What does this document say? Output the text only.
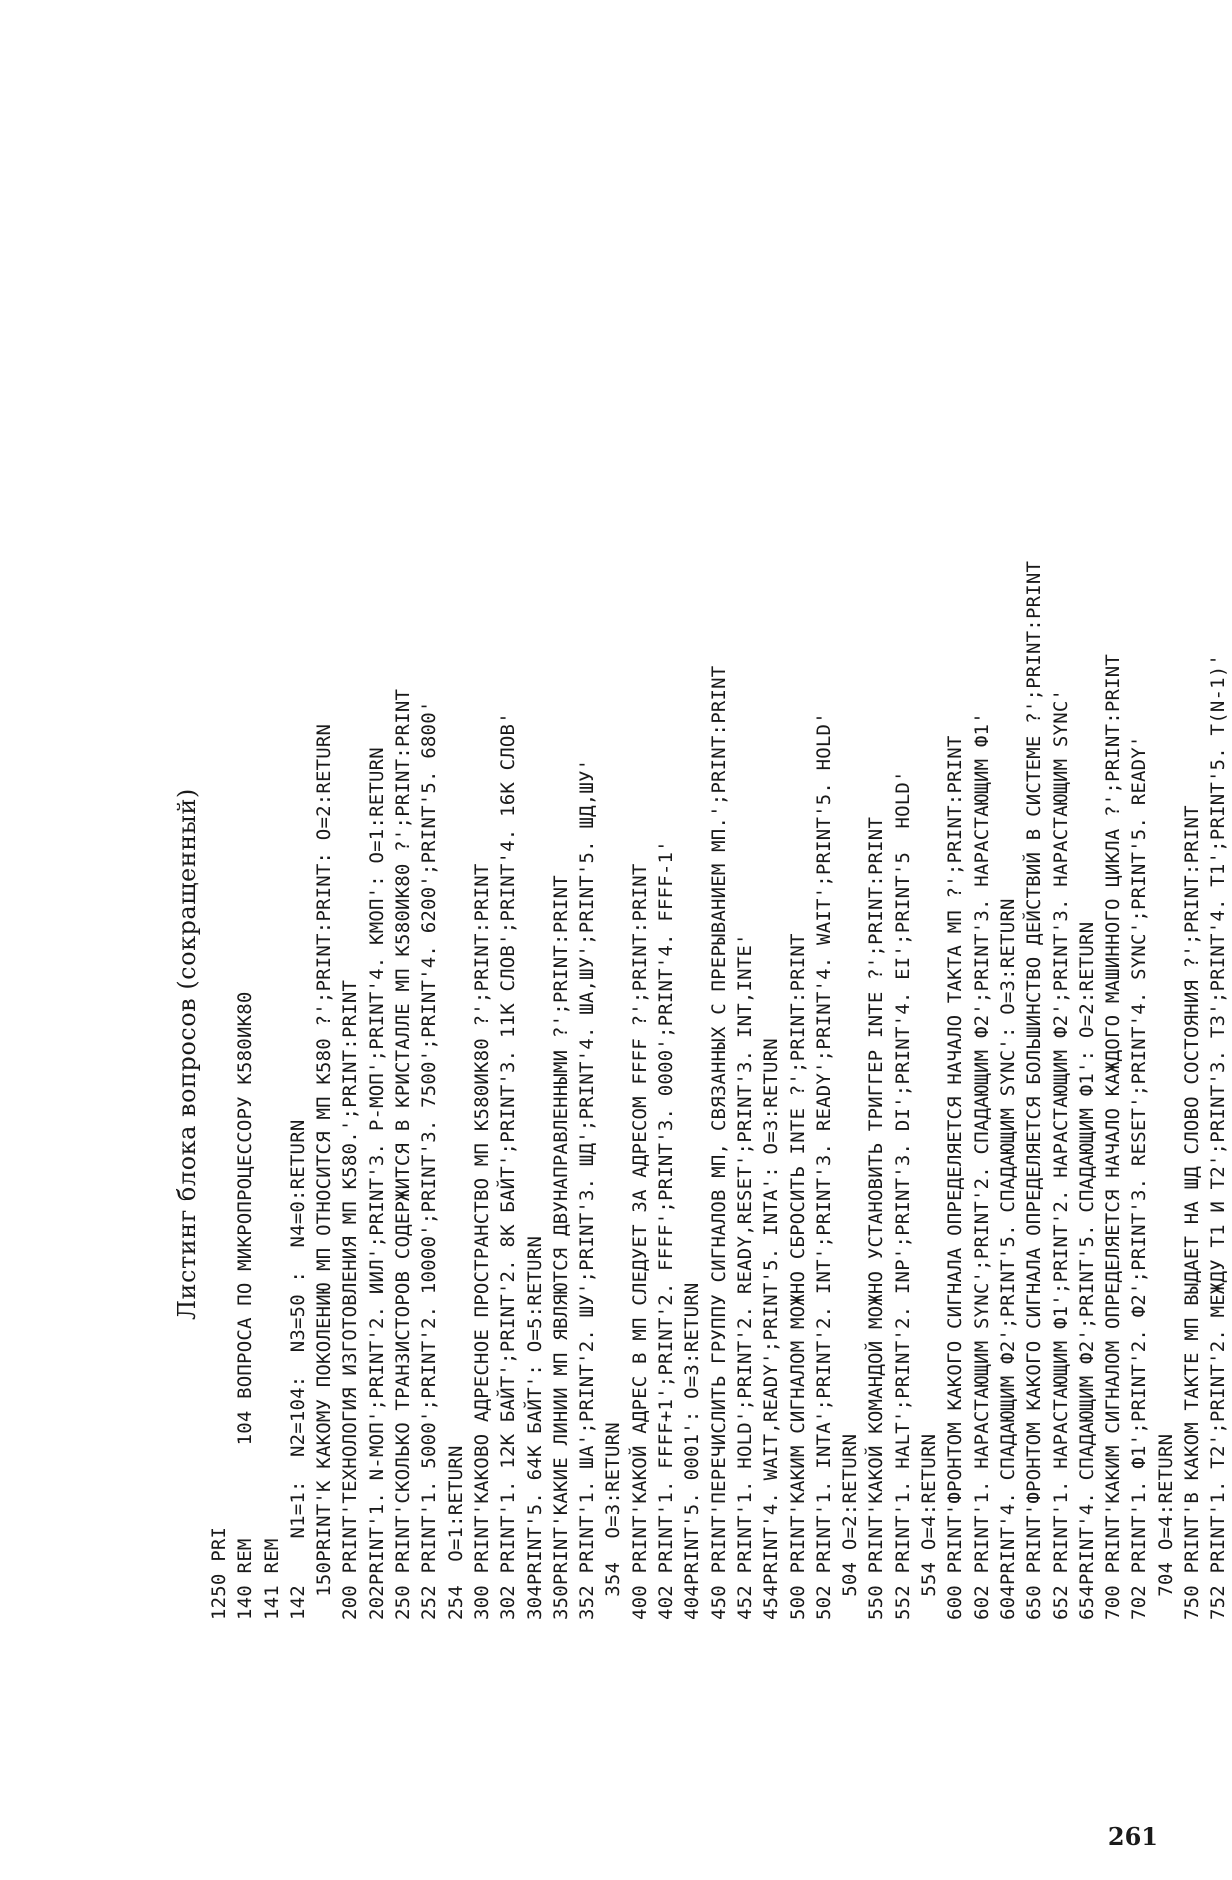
Листинг блока вопросов (сокращенный)
1250 PRI 140 REM        104 ВОПРОСА ПО МИКРОПРОЦЕССОРУ К580ИК80 141 REM 142    N1=1:  N2=104:  N3=50 :  N4=0:RETURN 150PRINT'К КАКОМУ ПОКОЛЕНИЮ МП ОТНОСИТСЯ МП К580 ?';PRINT:PRINT: O=2:RETURN 200 PRINT'ТЕХНОЛОГИЯ ИЗГОТОВЛЕНИЯ МП К580.';PRINT:PRINT 202PRINT'1. N-МОП';PRINT'2. ИИЛ';PRINT'3. P-МОП';PRINT'4. КМОП': O=1:RETURN 250 PRINT'СКОЛЬКО ТРАНЗИСТОРОВ СОДЕРЖИТСЯ В КРИСТАЛЛЕ МП К580ИК80 ?';PRINT:PRINT 252 PRINT'1. 5000';PRINT'2. 10000';PRINT'3. 7500';PRINT'4. 6200';PRINT'5. 6800' 254  O=1:RETURN 300 PRINT'КАКОВО АДРЕСНОЕ ПРОСТРАНСТВО МП К580ИК80 ?';PRINT:PRINT 302 PRINT'1. 12К БАЙТ';PRINT'2. 8К БАЙТ';PRINT'3. 11К СЛОВ';PRINT'4. 16К СЛОВ' 304PRINT'5. 64К БАЙТ': O=5:RETURN 350PRINT'КАКИЕ ЛИНИИ МП ЯВЛЯЮТСЯ ДВУНАПРАВЛЕННЫМИ ?';PRINT:PRINT 352 PRINT'1. ША';PRINT'2. ШУ';PRINT'3. ШД';PRINT'4. ША,ШУ';PRINT'5. ШД,ШУ' 354  O=3:RETURN 400 PRINT'КАКОЙ АДРЕС В МП СЛЕДУЕТ ЗА АДРЕСОМ FFFF ?';PRINT:PRINT 402 PRINT'1. FFFF+1';PRINT'2. FFFF';PRINT'3. 0000';PRINT'4. FFFF-1' 404PRINT'5. 0001': O=3:RETURN 450 PRINT'ПЕРЕЧИСЛИТЬ ГРУППУ СИГНАЛОВ МП, СВЯЗАННЫХ С ПРЕРЫВАНИЕМ МП.';PRINT:PRINT 452 PRINT'1. HOLD';PRINT'2. READY,RESET';PRINT'3. INT,INTE' 454PRINT'4. WAIT,READY';PRINT'5. INTA': O=3:RETURN 500 PRINT'КАКИМ СИГНАЛОМ МОЖНО СБРОСИТЬ INTE ?';PRINT:PRINT 502 PRINT'1. INTA';PRINT'2. INT';PRINT'3. READY';PRINT'4. WAIT';PRINT'5. HOLD' 504 O=2:RETURN 550 PRINT'КАКОЙ КОМАНДОЙ МОЖНО УСТАНОВИТЬ ТРИГГЕР INTE ?';PRINT:PRINT 552 PRINT'1. HALT';PRINT'2. INP';PRINT'3. DI';PRINT'4. EI';PRINT'5  HOLD' 554 O=4:RETURN 600 PRINT'ФРОНТОМ КАКОГО СИГНАЛА ОПРЕДЕЛЯЕТСЯ НАЧАЛО ТАКТА МП ?';PRINT:PRINT 602 PRINT'1. НАРАСТАЮЩИМ SYNC';PRINT'2. СПАДАЮЩИМ Ф2';PRINT'3. НАРАСТАЮЩИМ Ф1' 604PRINT'4. СПАДАЮЩИМ Ф2';PRINT'5. СПАДАЮЩИМ SYNC': O=3:RETURN 650 PRINT'ФРОНТОМ КАКОГО СИГНАЛА ОПРЕДЕЛЯЕТСЯ БОЛЬШИНСТВО ДЕЙСТВИЙ В СИСТЕМЕ ?';PRINT:PRINT 652 PRINT'1. НАРАСТАЮЩИМ Ф1';PRINT'2. НАРАСТАЮЩИМ Ф2';PRINT'3. НАРАСТАЮЩИМ SYNC' 654PRINT'4. СПАДАЮЩИМ Ф2';PRINT'5. СПАДАЮЩИМ Ф1': O=2:RETURN 700 PRINT'КАКИМ СИГНАЛОМ ОПРЕДЕЛЯЕТСЯ НАЧАЛО КАЖДОГО МАШИННОГО ЦИКЛА ?';PRINT:PRINT 702 PRINT'1. Ф1';PRINT'2. Ф2';PRINT'3. RESET';PRINT'4. SYNC';PRINT'5. READY' 704 O=4:RETURN 750 PRINT'В КАКОМ ТАКТЕ МП ВЫДАЕТ НА ШД СЛОВО СОСТОЯНИЯ ?';PRINT:PRINT 752 PRINT'1. T2';PRINT'2. МЕЖДУ T1 И T2';PRINT'3. T3';PRINT'4. T1';PRINT'5. T(N-1)'
261
